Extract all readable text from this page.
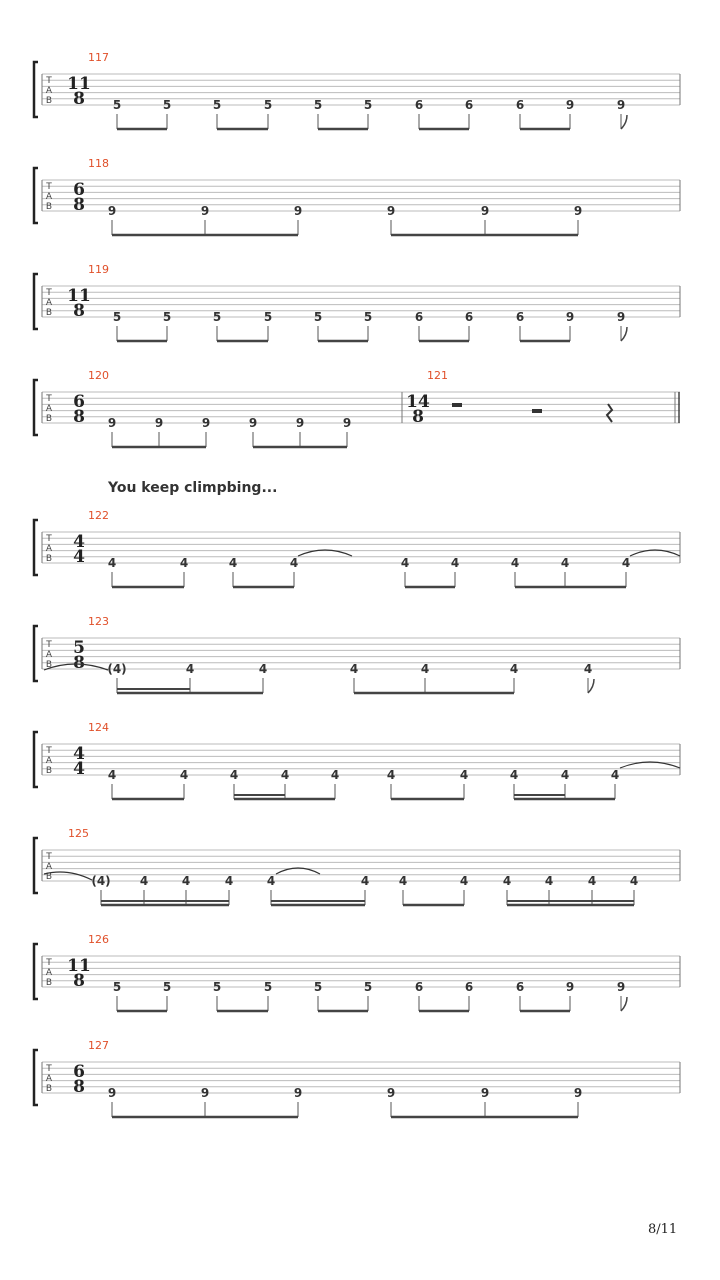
T
A
B
117
11
8 5	5	5	5	5	5	6	6	6	9	9
T
A
B
118
6
8 9	9	9	9	9	9
T
A
B
119
11
8 5	5	5	5	5	5	6	6	6	9	9
T
A
B
120
6
8 9	9	9	9	9	9
121
14
8
T
A
B
122
4
4 4	4	4	4	4	4	4	4	4
T
A
B
123
5
8 (4)	4	4	4	4	4	4
T
A
B
124
4
4 4	4	4	4	4	4	4	4	4	4
T
A
B
125
(4) 4	4	4	4	4 4	4	4	4	4	4
T
A
B
126
11
8 5	5	5	5	5	5	6	6	6	9	9
T
A
B
127
6
8 9	9	9	9	9	9
You keep climpbing...
8/11
